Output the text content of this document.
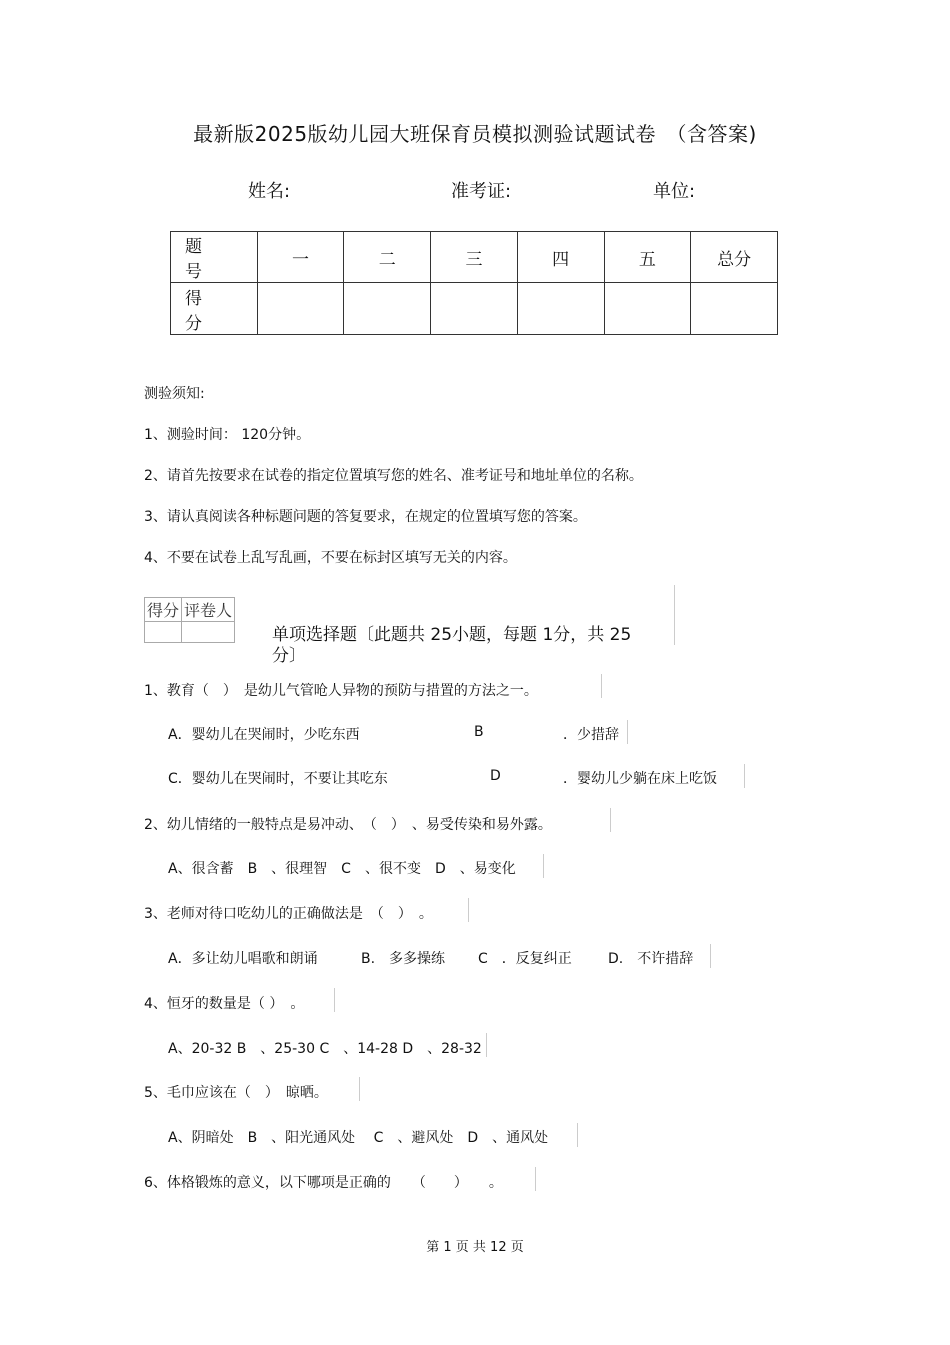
最新版2025版幼儿园大班保育员模拟测验试题试卷　（含答案)
姓名:	准考证:	单位:
题　号	一	二	三	四	五	总分
得　分						
测验须知:
1、测验时间： 120分钟。
2、请首先按要求在试卷的指定位置填写您的姓名、准考证号和地址单位的名称。
3、请认真阅读各种标题问题的答复要求，在规定的位置填写您的答案。
4、不要在试卷上乱写乱画，不要在标封区填写无关的内容。
得分	评卷人

单项选择题〔此题共 25小题，每题 1分，共 25
分〕
1、教育（　）　是幼儿气管呛人异物的预防与措置的方法之一。
A．婴幼儿在哭闹时，少吃东西	B	．少措辞
C．婴幼儿在哭闹时，不要让其吃东	D	．婴幼儿少躺在床上吃饭
2、幼儿情绪的一般特点是易冲动、　（　）　、易受传染和易外露。
A、很含蓄　B　、很理智　C　、很不变　D　、易变化
3、老师对待口吃幼儿的正确做法是　（　）　。
A．多让幼儿唱歌和朗诵	B.　多多操练 C　．反复纠正	D.　不许措辞
4、恒牙的数量是（ ）　。
A、20-32 B　、25-30 C　、14-28 D　、28-32
5、毛巾应该在（　）　晾晒。
A、阴暗处　B　、阳光通风处　 C　、避风处　D　、通风处
6、体格锻炼的意义，以下哪项是正确的　　（　　）　　。
第 1 页 共 12 页
